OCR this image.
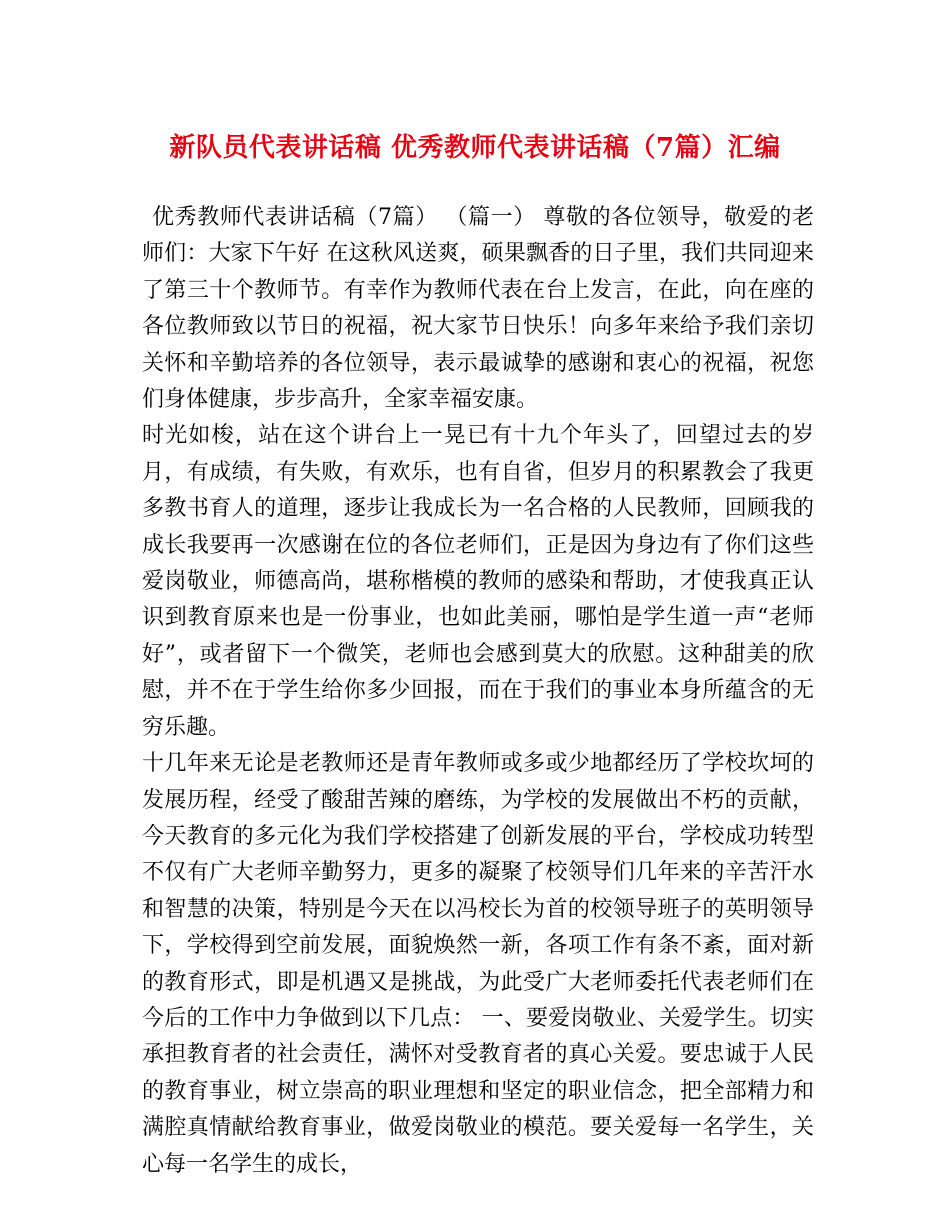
新队员代表讲话稿 优秀教师代表讲话稿（7篇）汇编

优秀教师代表讲话稿（7篇） （篇一） 尊敬的各位领导，敬爱的老师们：大家下午好 在这秋风送爽，硕果飘香的日子里，我们共同迎来了第三十个教师节。有幸作为教师代表在台上发言，在此，向在座的各位教师致以节日的祝福，祝大家节日快乐！向多年来给予我们亲切关怀和辛勤培养的各位领导，表示最诚挚的感谢和衷心的祝福，祝您们身体健康，步步高升，全家幸福安康。

时光如梭，站在这个讲台上一晃已有十九个年头了，回望过去的岁月，有成绩，有失败，有欢乐，也有自省，但岁月的积累教会了我更多教书育人的道理，逐步让我成长为一名合格的人民教师，回顾我的成长我要再一次感谢在位的各位老师们，正是因为身边有了你们这些爱岗敬业，师德高尚，堪称楷模的教师的感染和帮助，才使我真正认识到教育原来也是一份事业，也如此美丽，哪怕是学生道一声“老师好”，或者留下一个微笑，老师也会感到莫大的欣慰。这种甜美的欣慰，并不在于学生给你多少回报，而在于我们的事业本身所蕴含的无穷乐趣。

十几年来无论是老教师还是青年教师或多或少地都经历了学校坎坷的发展历程，经受了酸甜苦辣的磨练，为学校的发展做出不朽的贡献，今天教育的多元化为我们学校搭建了创新发展的平台，学校成功转型不仅有广大老师辛勤努力，更多的凝聚了校领导们几年来的辛苦汗水和智慧的决策，特别是今天在以冯校长为首的校领导班子的英明领导下，学校得到空前发展，面貌焕然一新，各项工作有条不紊，面对新的教育形式，即是机遇又是挑战，为此受广大老师委托代表老师们在今后的工作中力争做到以下几点： 一、要爱岗敬业、关爱学生。切实承担教育者的社会责任，满怀对受教育者的真心关爱。要忠诚于人民的教育事业，树立崇高的职业理想和坚定的职业信念，把全部精力和满腔真情献给教育事业，做爱岗敬业的模范。要关爱每一名学生，关心每一名学生的成长，
